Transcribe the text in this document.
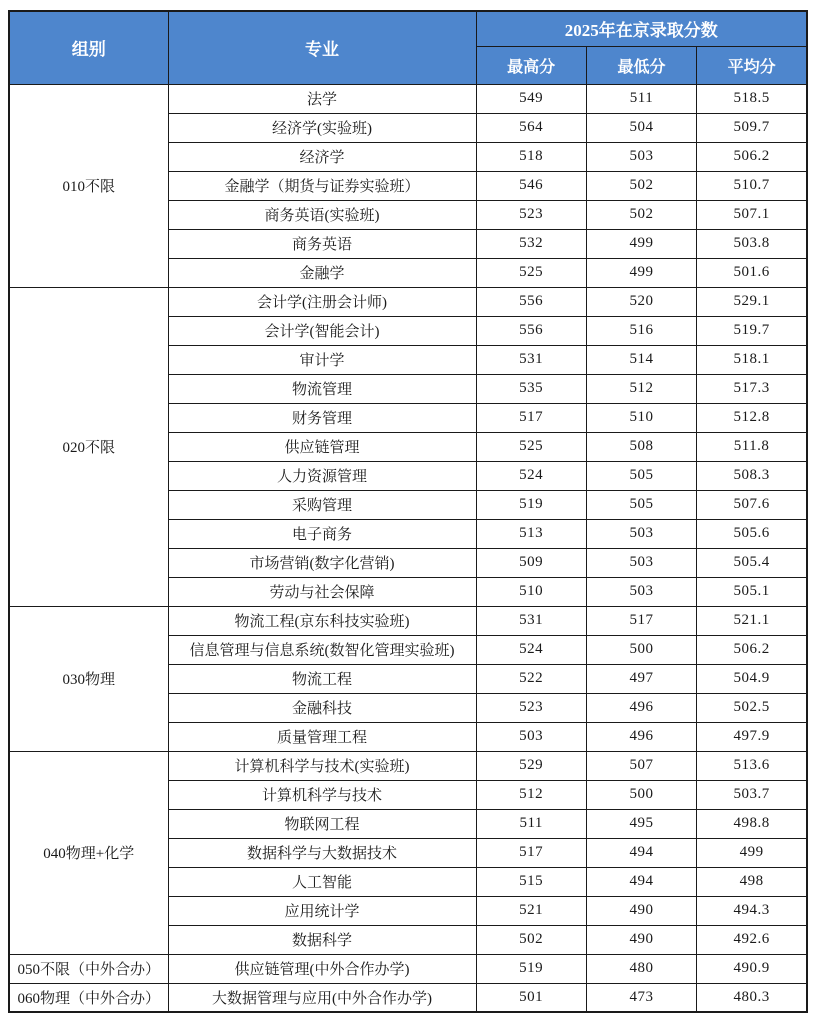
组别	专业	2025年在京录取分数		
		最高分	最低分	平均分
010不限	法学	549	511	518.5
	经济学(实验班)	564	504	509.7
	经济学	518	503	506.2
	金融学（期货与证券实验班）	546	502	510.7
	商务英语(实验班)	523	502	507.1
	商务英语	532	499	503.8
	金融学	525	499	501.6
020不限	会计学(注册会计师)	556	520	529.1
	会计学(智能会计)	556	516	519.7
	审计学	531	514	518.1
	物流管理	535	512	517.3
	财务管理	517	510	512.8
	供应链管理	525	508	511.8
	人力资源管理	524	505	508.3
	采购管理	519	505	507.6
	电子商务	513	503	505.6
	市场营销(数字化营销)	509	503	505.4
	劳动与社会保障	510	503	505.1
030物理	物流工程(京东科技实验班)	531	517	521.1
	信息管理与信息系统(数智化管理实验班)	524	500	506.2
	物流工程	522	497	504.9
	金融科技	523	496	502.5
	质量管理工程	503	496	497.9
040物理+化学	计算机科学与技术(实验班)	529	507	513.6
	计算机科学与技术	512	500	503.7
	物联网工程	511	495	498.8
	数据科学与大数据技术	517	494	499
	人工智能	515	494	498
	应用统计学	521	490	494.3
	数据科学	502	490	492.6
050不限（中外合办）	供应链管理(中外合作办学)	519	480	490.9
060物理（中外合办）	大数据管理与应用(中外合作办学)	501	473	480.3
